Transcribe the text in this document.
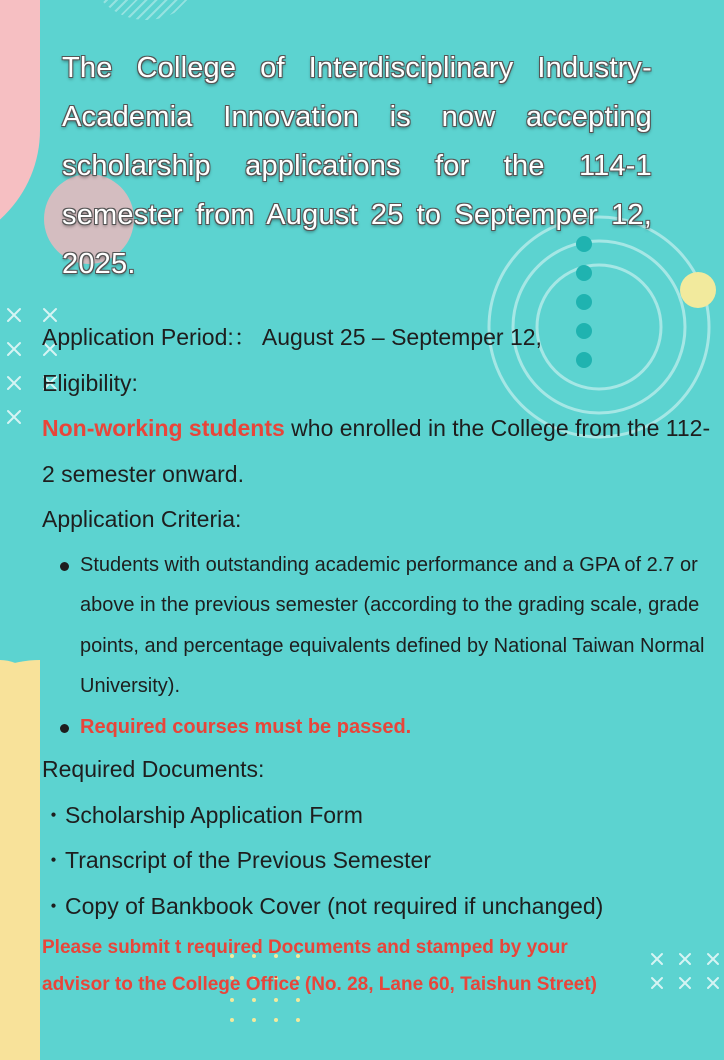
The College of Interdisciplinary Industry-Academia Innovation is now accepting scholarship applications for the 114-1 semester from August 25 to Septemper 12, 2025.

Application Period:： August 25 – Septemper 12,

Eligibility:

Non-working students who enrolled in the College from the 112-2 semester onward.

Application Criteria:

Students with outstanding academic performance and a GPA of 2.7 or above in the previous semester (according to the grading scale, grade points, and percentage equivalents defined by National Taiwan Normal University).
Required courses must be passed.

Required Documents:

・Scholarship Application Form

・Transcript of the Previous Semester

・Copy of Bankbook Cover (not required if unchanged)

Please submit t required Documents and stamped by your

advisor to the College Office (No. 28, Lane 60, Taishun Street)
